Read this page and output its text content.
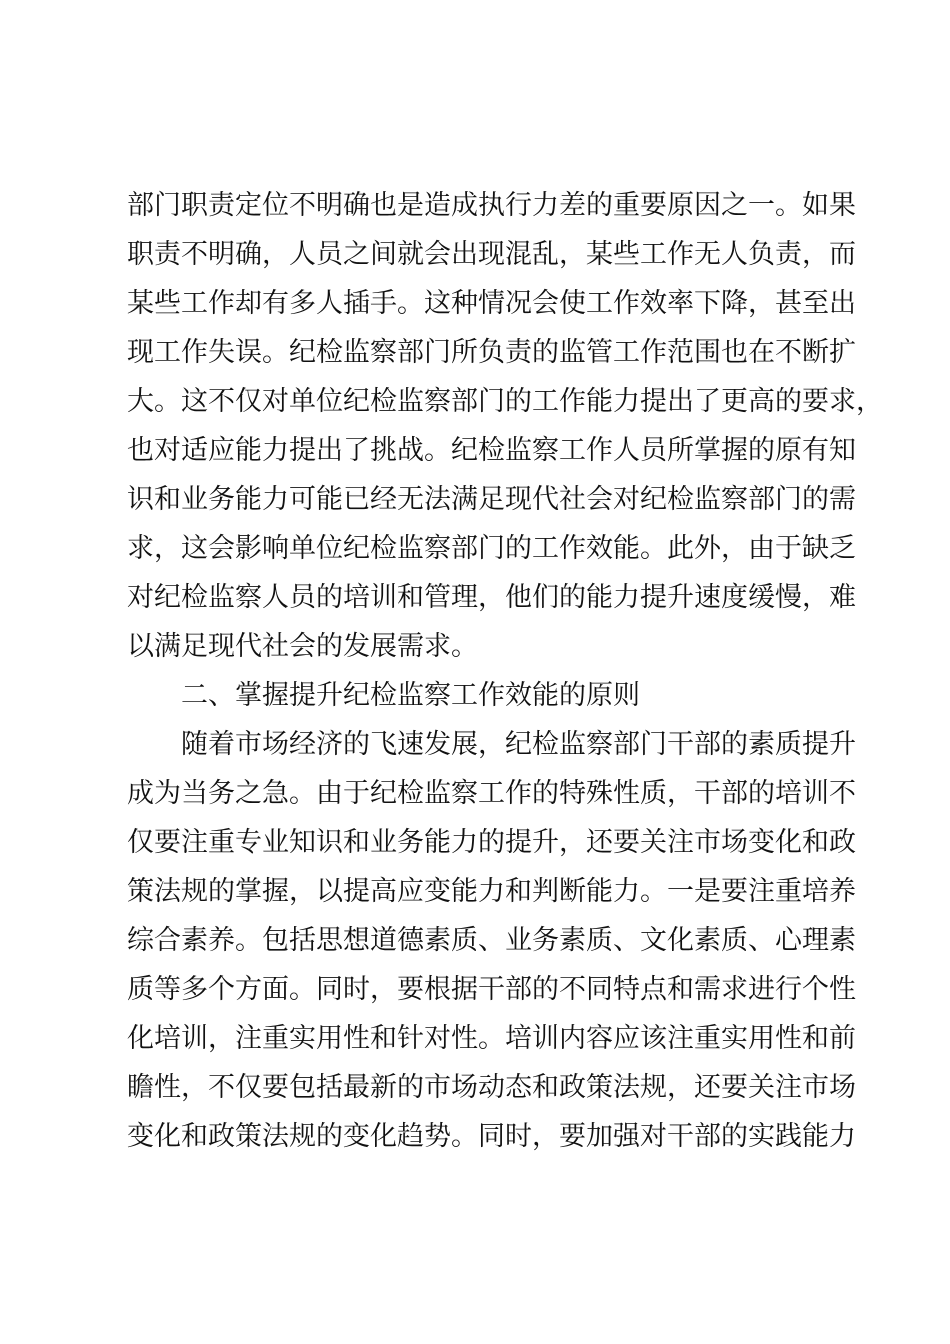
部门职责定位不明确也是造成执行力差的重要原因之一。如果
职责不明确，人员之间就会出现混乱，某些工作无人负责，而
某些工作却有多人插手。这种情况会使工作效率下降，甚至出
现工作失误。纪检监察部门所负责的监管工作范围也在不断扩
大。这不仅对单位纪检监察部门的工作能力提出了更高的要求，
也对适应能力提出了挑战。纪检监察工作人员所掌握的原有知
识和业务能力可能已经无法满足现代社会对纪检监察部门的需
求，这会影响单位纪检监察部门的工作效能。此外，由于缺乏
对纪检监察人员的培训和管理，他们的能力提升速度缓慢，难
以满足现代社会的发展需求。
二、掌握提升纪检监察工作效能的原则
随着市场经济的飞速发展，纪检监察部门干部的素质提升
成为当务之急。由于纪检监察工作的特殊性质，干部的培训不
仅要注重专业知识和业务能力的提升，还要关注市场变化和政
策法规的掌握，以提高应变能力和判断能力。一是要注重培养
综合素养。包括思想道德素质、业务素质、文化素质、心理素
质等多个方面。同时，要根据干部的不同特点和需求进行个性
化培训，注重实用性和针对性。培训内容应该注重实用性和前
瞻性，不仅要包括最新的市场动态和政策法规，还要关注市场
变化和政策法规的变化趋势。同时，要加强对干部的实践能力
